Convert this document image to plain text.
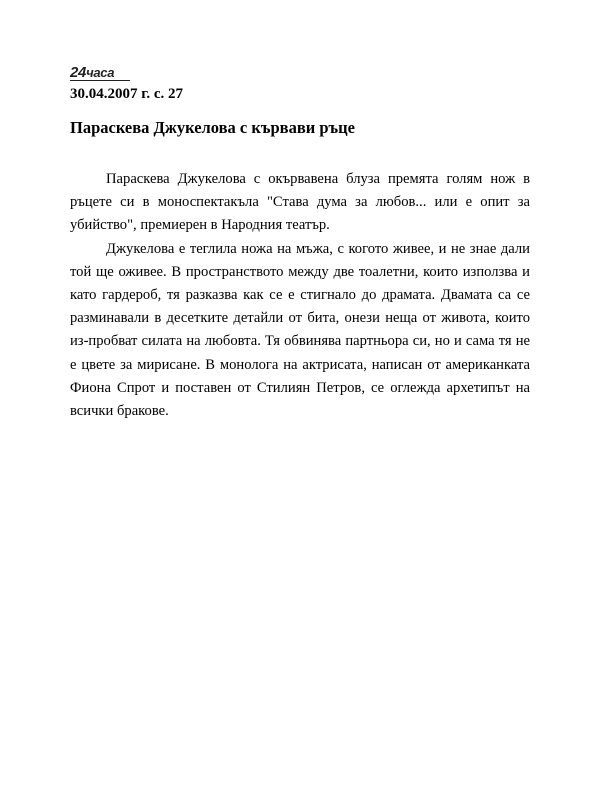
24часа
30.04.2007 г. с. 27
Параскева Джукелова с кървави ръце

Параскева Джукелова с окървавена блуза премята голям нож в ръцете си в моноспектакъла "Става дума за любов... или е опит за убийство", премиерен в Народния театър.

Джукелова е теглила ножа на мъжа, с когото живее, и не знае дали той ще оживее. В пространството между две тоалетни, които използва и като гардероб, тя разказва как се е стигнало до драмата. Двамата са се разминавали в десетките детайли от бита, онези неща от живота, които из-пробват силата на любовта. Тя обвинява партньора си, но и сама тя не е цвете за мирисане. В монолога на актрисата, написан от американката Фиона Спрот и поставен от Стилиян Петров, се оглежда архетипът на всички бракове.
